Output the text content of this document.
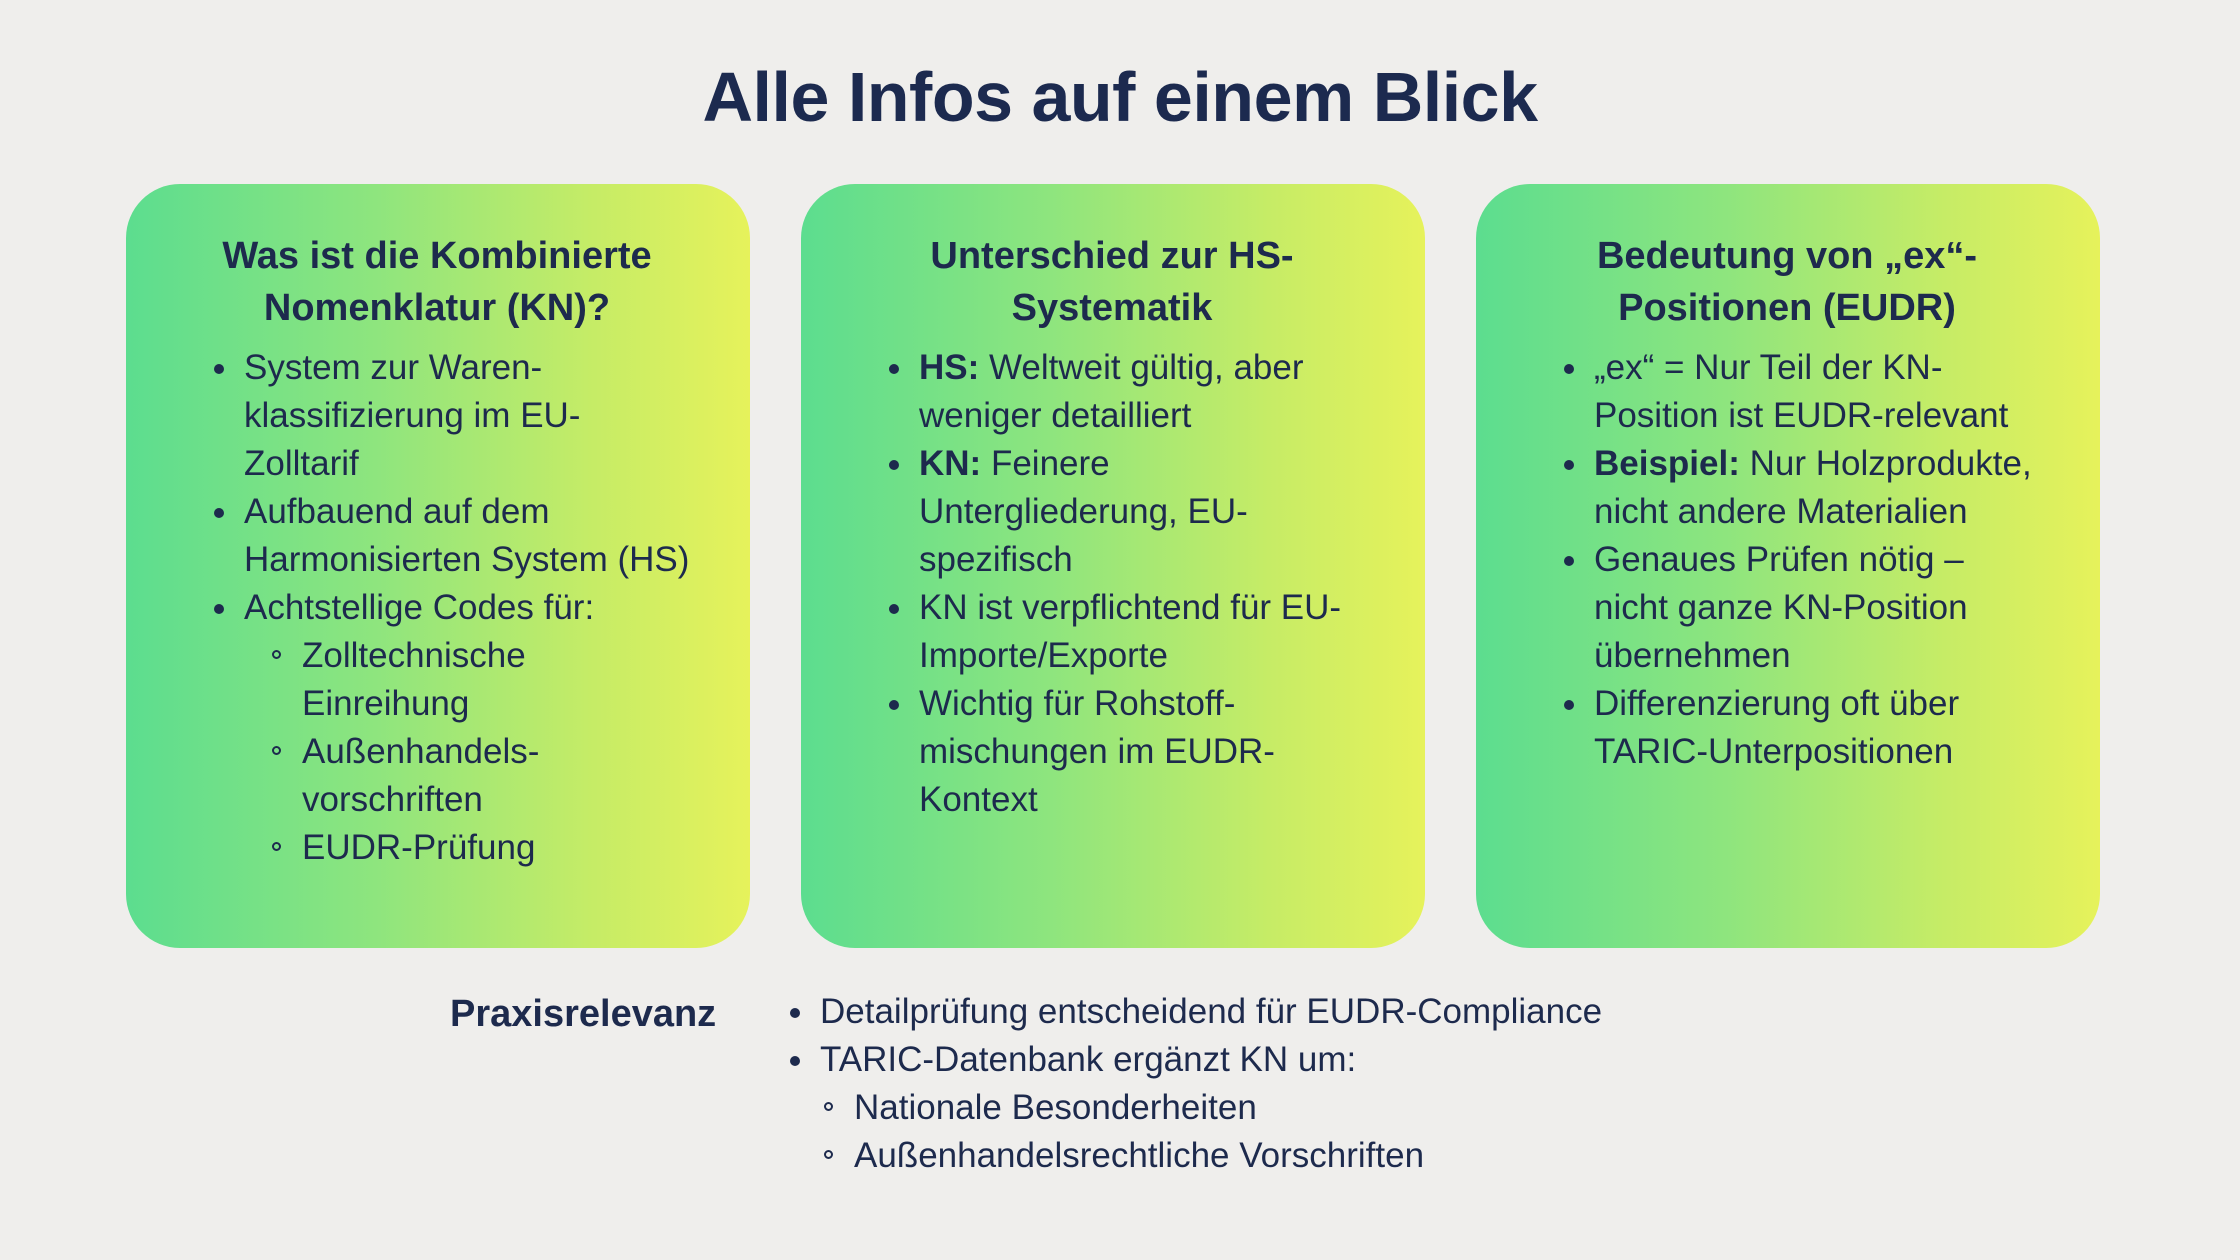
Alle Infos auf einem Blick
Was ist die Kombinierte Nomenklatur (KN)?
System zur Waren-klassifizierung im EU-Zolltarif
Aufbauend auf dem Harmonisierten System (HS)
Achtstellige Codes für:
Zolltechnische Einreihung
Außenhandels-vorschriften
EUDR-Prüfung
Unterschied zur HS-Systematik
HS: Weltweit gültig, aber weniger detailliert
KN: Feinere Untergliederung, EU-spezifisch
KN ist verpflichtend für EU-Importe/Exporte
Wichtig für Rohstoff-mischungen im EUDR-Kontext
Bedeutung von „ex“-Positionen (EUDR)
„ex“ = Nur Teil der KN-Position ist EUDR-relevant
Beispiel: Nur Holzprodukte, nicht andere Materialien
Genaues Prüfen nötig – nicht ganze KN-Position übernehmen
Differenzierung oft über TARIC-Unterpositionen
Praxisrelevanz	Detailprüfung entscheidend für EUDR-Compliance
TARIC-Datenbank ergänzt KN um:
Nationale Besonderheiten
Außenhandelsrechtliche Vorschriften
